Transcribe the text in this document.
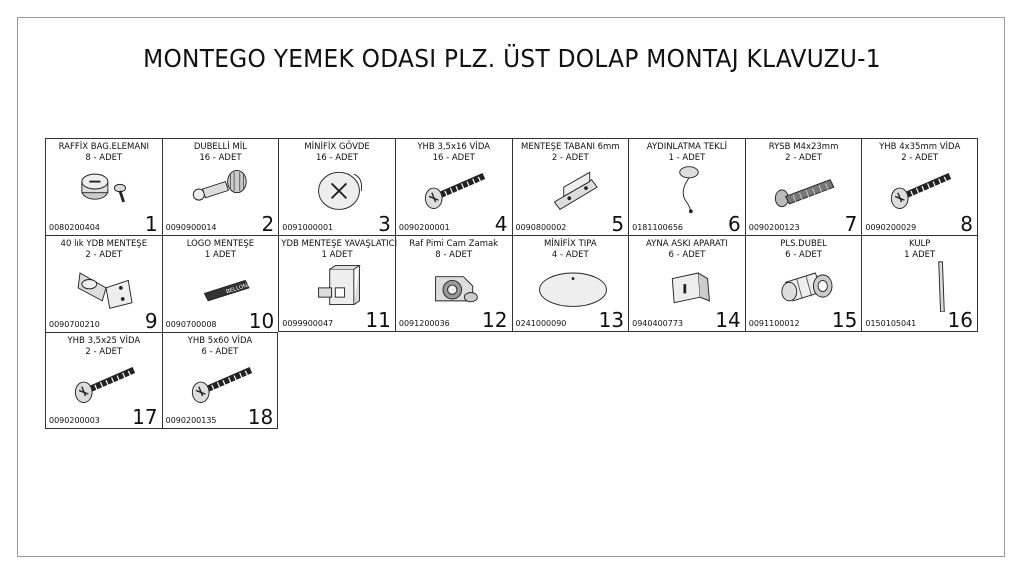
MONTEGO YEMEK ODASI PLZ. ÜST DOLAP MONTAJ KLAVUZU-1
RAFFİX BAG.ELEMANI
8 - ADET
0080200404 1
DUBELLİ MİL
16 - ADET
0090900014 2
MİNİFİX GÖVDE
16 - ADET
0091000001 3
YHB 3,5x16 VİDA
16 - ADET
0090200001 4
MENTEŞE TABANI 6mm
2 - ADET
0090800002 5
AYDINLATMA TEKLİ
1 - ADET
0181100656 6
RYSB M4x23mm
2 - ADET
0090200123 7
YHB 4x35mm VİDA
2 - ADET
0090200029 8
40 lık YDB MENTEŞE
2 - ADET
0090700210 9
LOGO MENTEŞE
1 ADET
BELLONA
0090700008 10
YDB MENTEŞE YAVAŞLATICI
1 ADET
0099900047 11
Raf Pimi Cam Zamak
8 - ADET
0091200036 12
MİNİFİX TIPA
4 - ADET
0241000090 13
AYNA ASKI APARATI
6 - ADET
0940400773 14
PLS.DUBEL
6 - ADET
0091100012 15
KULP
1 ADET
0150105041 16
YHB 3,5x25 VİDA
2 - ADET
0090200003 17
YHB 5x60 VİDA
6 - ADET
0090200135 18
